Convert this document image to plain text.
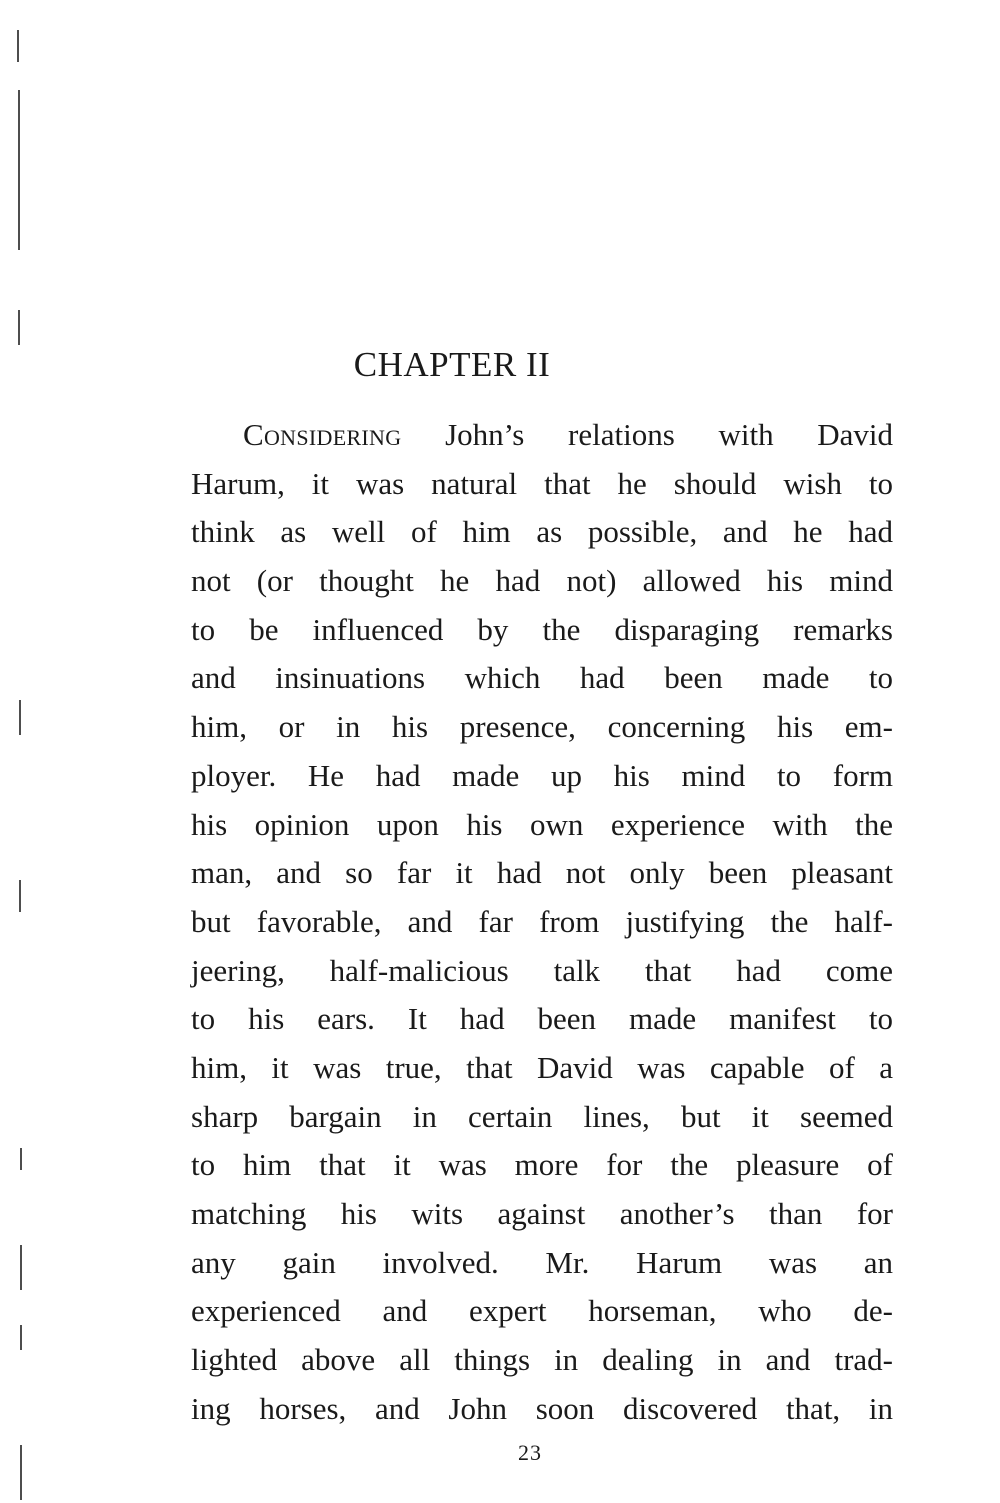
CHAPTER II
Considering John’s relations with David
Harum, it was natural that he should wish to
think as well of him as possible, and he had
not (or thought he had not) allowed his mind
to be influenced by the disparaging remarks
and insinuations which had been made to
him, or in his presence, concerning his em-
ployer. He had made up his mind to form
his opinion upon his own experience with the
man, and so far it had not only been pleasant
but favorable, and far from justifying the half-
jeering, half-malicious talk that had come
to his ears. It had been made manifest to
him, it was true, that David was capable of a
sharp bargain in certain lines, but it seemed
to him that it was more for the pleasure of
matching his wits against another’s than for
any gain involved. Mr. Harum was an
experienced and expert horseman, who de-
lighted above all things in dealing in and trad-
ing horses, and John soon discovered that, in
23
